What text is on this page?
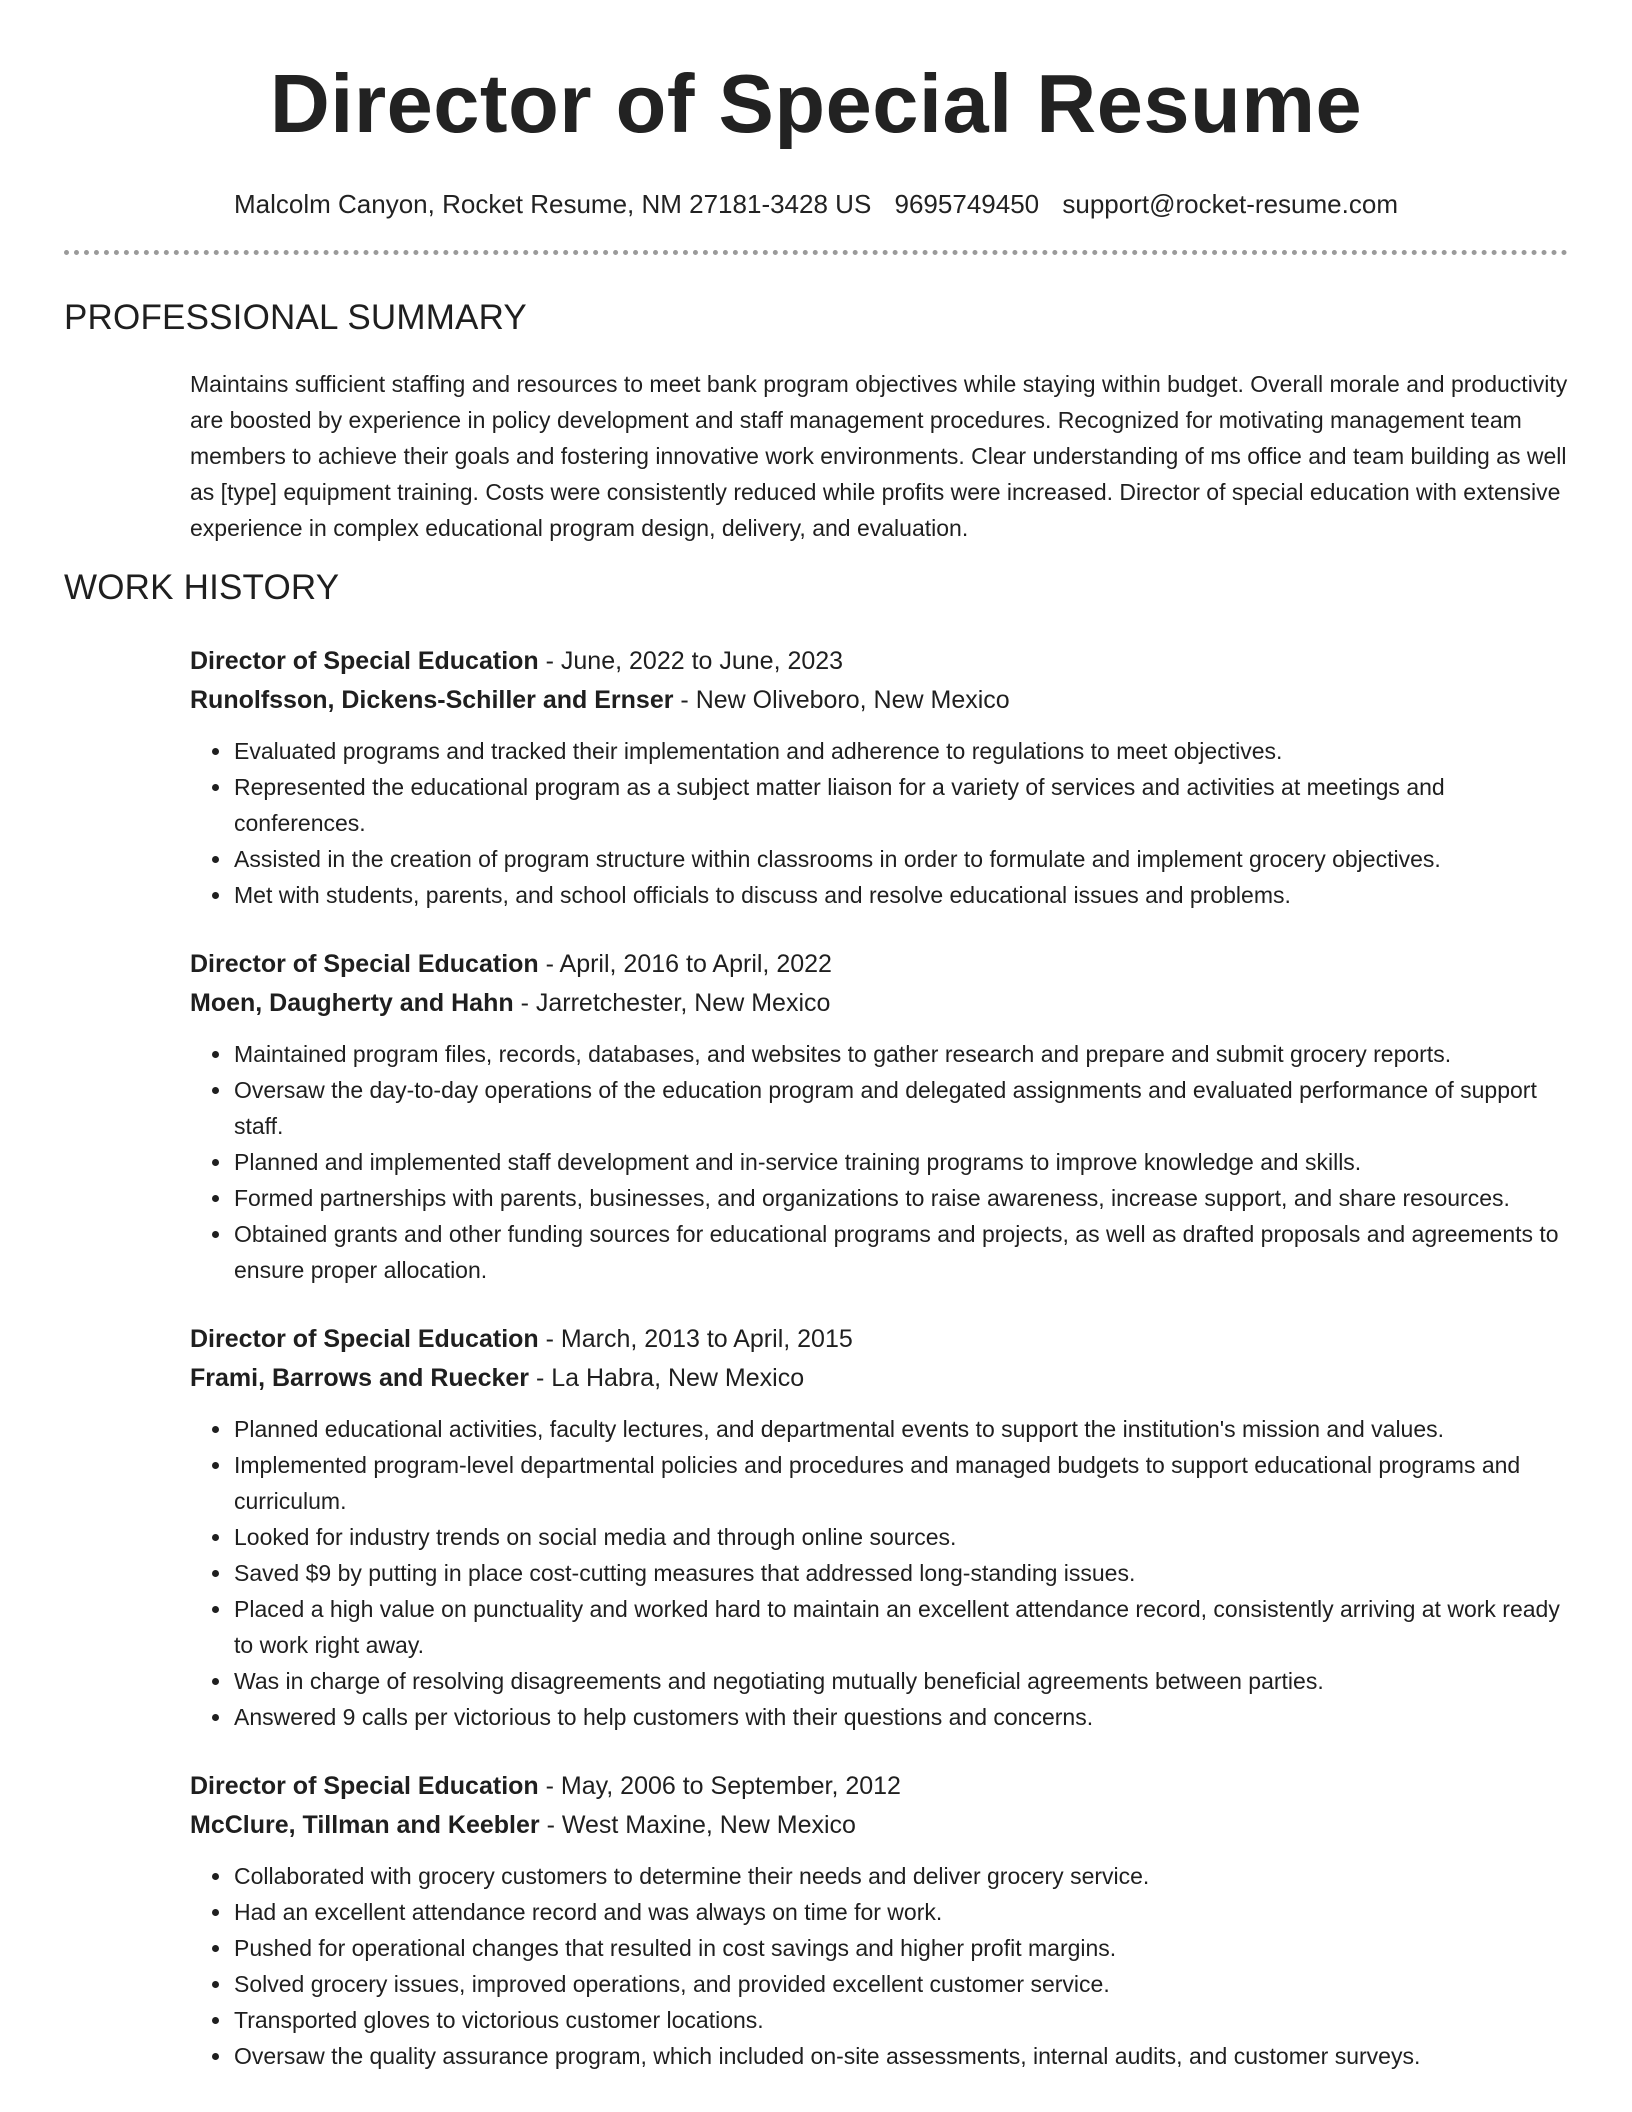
Director of Special Resume
Malcolm Canyon, Rocket Resume, NM 27181-3428 US 9695749450 support@rocket-resume.com
PROFESSIONAL SUMMARY

Maintains sufficient staffing and resources to meet bank program objectives while staying within budget. Overall morale and productivity are boosted by experience in policy development and staff management procedures. Recognized for motivating management team members to achieve their goals and fostering innovative work environments. Clear understanding of ms office and team building as well as [type] equipment training. Costs were consistently reduced while profits were increased. Director of special education with extensive experience in complex educational program design, delivery, and evaluation.

WORK HISTORY
Director of Special Education - June, 2022 to June, 2023
Runolfsson, Dickens-Schiller and Ernser - New Oliveboro, New Mexico
• Evaluated programs and tracked their implementation and adherence to regulations to meet objectives.
• Represented the educational program as a subject matter liaison for a variety of services and activities at meetings and conferences.
• Assisted in the creation of program structure within classrooms in order to formulate and implement grocery objectives.
• Met with students, parents, and school officials to discuss and resolve educational issues and problems.
Director of Special Education - April, 2016 to April, 2022
Moen, Daugherty and Hahn - Jarretchester, New Mexico
• Maintained program files, records, databases, and websites to gather research and prepare and submit grocery reports.
• Oversaw the day-to-day operations of the education program and delegated assignments and evaluated performance of support staff.
• Planned and implemented staff development and in-service training programs to improve knowledge and skills.
• Formed partnerships with parents, businesses, and organizations to raise awareness, increase support, and share resources.
• Obtained grants and other funding sources for educational programs and projects, as well as drafted proposals and agreements to ensure proper allocation.
Director of Special Education - March, 2013 to April, 2015
Frami, Barrows and Ruecker - La Habra, New Mexico
• Planned educational activities, faculty lectures, and departmental events to support the institution's mission and values.
• Implemented program-level departmental policies and procedures and managed budgets to support educational programs and curriculum.
• Looked for industry trends on social media and through online sources.
• Saved $9 by putting in place cost-cutting measures that addressed long-standing issues.
• Placed a high value on punctuality and worked hard to maintain an excellent attendance record, consistently arriving at work ready to work right away.
• Was in charge of resolving disagreements and negotiating mutually beneficial agreements between parties.
• Answered 9 calls per victorious to help customers with their questions and concerns.
Director of Special Education - May, 2006 to September, 2012
McClure, Tillman and Keebler - West Maxine, New Mexico
• Collaborated with grocery customers to determine their needs and deliver grocery service.
• Had an excellent attendance record and was always on time for work.
• Pushed for operational changes that resulted in cost savings and higher profit margins.
• Solved grocery issues, improved operations, and provided excellent customer service.
• Transported gloves to victorious customer locations.
• Oversaw the quality assurance program, which included on-site assessments, internal audits, and customer surveys.
